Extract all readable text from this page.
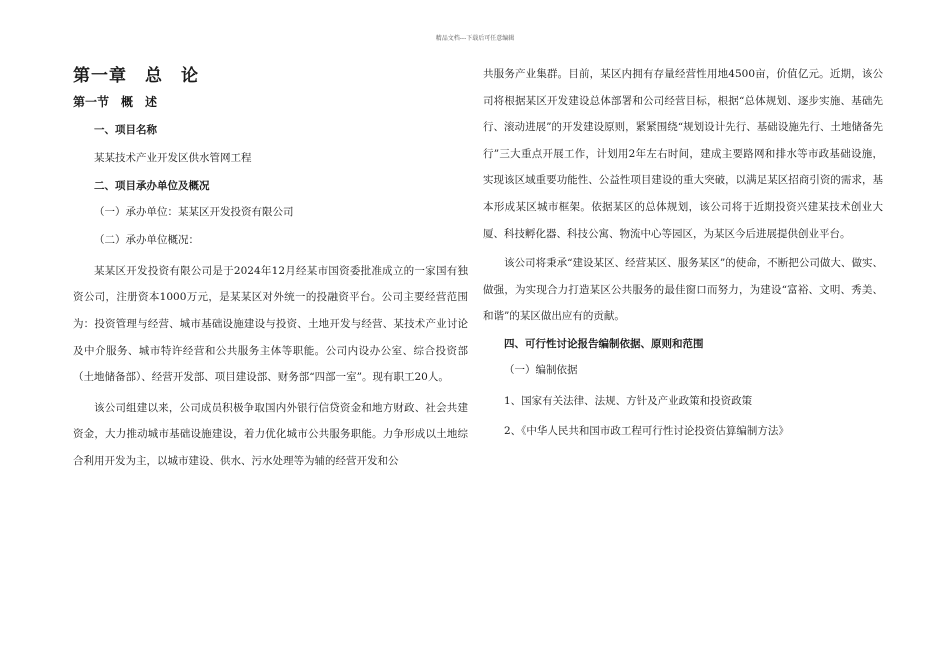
精品文档---下载后可任意编辑
第一章　总　论
第一节　概　述
一、项目名称

某某技术产业开发区供水管网工程

二、项目承办单位及概况

（一）承办单位：某某区开发投资有限公司

（二）承办单位概况：

某某区开发投资有限公司是于2024年12月经某市国资委批准成立的一家国有独资公司，注册资本1000万元，是某某区对外统一的投融资平台。公司主要经营范围为：投资管理与经营、城市基础设施建设与投资、土地开发与经营、某技术产业讨论及中介服务、城市特许经营和公共服务主体等职能。公司内设办公室、综合投资部（土地储备部）、经营开发部、项目建设部、财务部“四部一室”。现有职工20人。

该公司组建以来，公司成员积极争取国内外银行信贷资金和地方财政、社会共建资金，大力推动城市基础设施建设，着力优化城市公共服务职能。力争形成以土地综合利用开发为主，以城市建设、供水、污水处理等为辅的经营开发和公

共服务产业集群。目前，某区内拥有存量经营性用地4500亩，价值亿元。近期，该公司将根据某区开发建设总体部署和公司经营目标，根据“总体规划、逐步实施、基础先行、滚动进展”的开发建设原则，紧紧围绕“规划设计先行、基础设施先行、土地储备先行”三大重点开展工作，计划用2年左右时间，建成主要路网和排水等市政基础设施，实现该区域重要功能性、公益性项目建设的重大突破，以满足某区招商引资的需求，基本形成某区城市框架。依据某区的总体规划，该公司将于近期投资兴建某技术创业大厦、科技孵化器、科技公寓、物流中心等园区，为某区今后进展提供创业平台。

该公司将秉承“建设某区、经营某区、服务某区”的使命，不断把公司做大、做实、做强，为实现合力打造某区公共服务的最佳窗口而努力，为建设“富裕、文明、秀美、和谐”的某区做出应有的贡献。

四、可行性讨论报告编制依据、原则和范围

（一）编制依据

1、国家有关法律、法规、方针及产业政策和投资政策

2、《中华人民共和国市政工程可行性讨论投资估算编制方法》
